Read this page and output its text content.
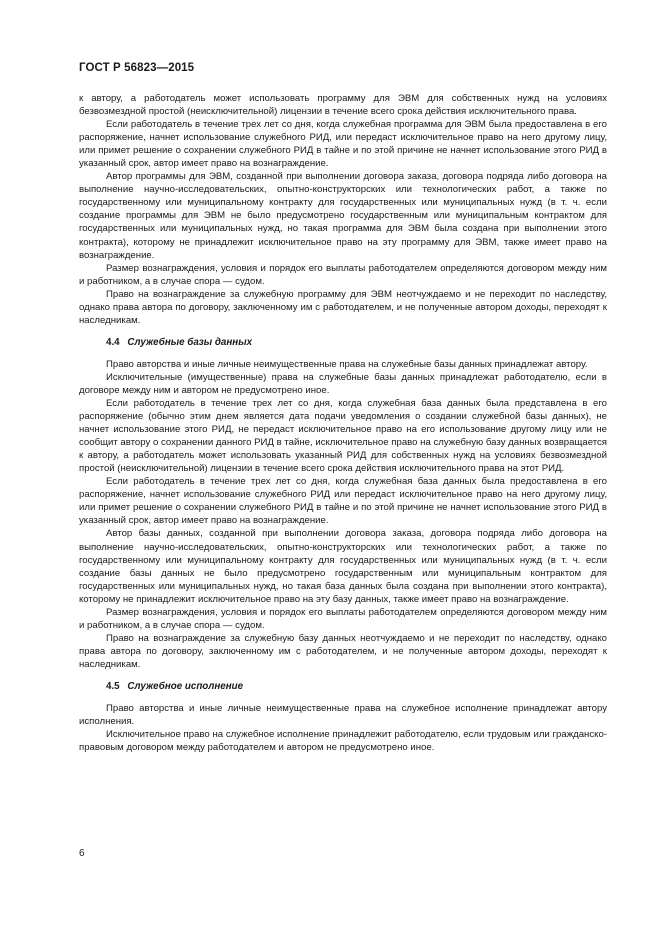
ГОСТ Р 56823—2015

к автору, а работодатель может использовать программу для ЭВМ для собственных нужд на условиях безвозмездной простой (неисключительной) лицензии в течение всего срока действия исключительного права.

Если работодатель в течение трех лет со дня, когда служебная программа для ЭВМ была предоставлена в его распоряжение, начнет использование служебного РИД, или передаст исключительное право на него другому лицу, или примет решение о сохранении служебного РИД в тайне и по этой причине не начнет использование этого РИД в указанный срок, автор имеет право на вознаграждение.

Автор программы для ЭВМ, созданной при выполнении договора заказа, договора подряда либо договора на выполнение научно-исследовательских, опытно-конструкторских или технологических работ, а также по государственному или муниципальному контракту для государственных или муниципальных нужд (в т. ч. если создание программы для ЭВМ не было предусмотрено государственным или муниципальным контрактом для государственных или муниципальных нужд, но такая программа для ЭВМ была создана при выполнении этого контракта), которому не принадлежит исключительное право на эту программу для ЭВМ, также имеет право на вознаграждение.

Размер вознаграждения, условия и порядок его выплаты работодателем определяются договором между ним и работником, а в случае спора — судом.

Право на вознаграждение за служебную программу для ЭВМ неотчуждаемо и не переходит по наследству, однако права автора по договору, заключенному им с работодателем, и не полученные автором доходы, переходят к наследникам.

4.4 Служебные базы данных

Право авторства и иные личные неимущественные права на служебные базы данных принадлежат автору.

Исключительные (имущественные) права на служебные базы данных принадлежат работодателю, если в договоре между ним и автором не предусмотрено иное.

Если работодатель в течение трех лет со дня, когда служебная база данных была представлена в его распоряжение (обычно этим днем является дата подачи уведомления о создании служебной базы данных), не начнет использование этого РИД, не передаст исключительное право на его использование другому лицу или не сообщит автору о сохранении данного РИД в тайне, исключительное право на служебную базу данных возвращается к автору, а работодатель может использовать указанный РИД для собственных нужд на условиях безвозмездной простой (неисключительной) лицензии в течение всего срока действия исключительного права на этот РИД.

Если работодатель в течение трех лет со дня, когда служебная база данных была предоставлена в его распоряжение, начнет использование служебного РИД или передаст исключительное право на него другому лицу, или примет решение о сохранении служебного РИД в тайне и по этой причине не начнет использование этого РИД в указанный срок, автор имеет право на вознаграждение.

Автор базы данных, созданной при выполнении договора заказа, договора подряда либо договора на выполнение научно-исследовательских, опытно-конструкторских или технологических работ, а также по государственному или муниципальному контракту для государственных или муниципальных нужд (в т. ч. если создание базы данных не было предусмотрено государственным или муниципальным контрактом для государственных или муниципальных нужд, но такая база данных была создана при выполнении этого контракта), которому не принадлежит исключительное право на эту базу данных, также имеет право на вознаграждение.

Размер вознаграждения, условия и порядок его выплаты работодателем определяются договором между ним и работником, а в случае спора — судом.

Право на вознаграждение за служебную базу данных неотчуждаемо и не переходит по наследству, однако права автора по договору, заключенному им с работодателем, и не полученные автором доходы, переходят к наследникам.

4.5 Служебное исполнение

Право авторства и иные личные неимущественные права на служебное исполнение принадлежат автору исполнения.

Исключительное право на служебное исполнение принадлежит работодателю, если трудовым или гражданско-правовым договором между работодателем и автором не предусмотрено иное.

6
